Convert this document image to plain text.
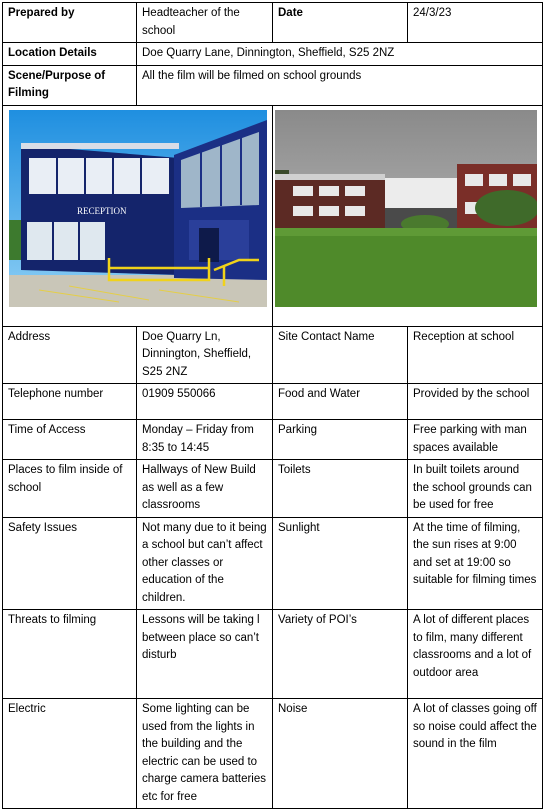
Prepared by	Headteacher of the school	Date	24/3/23
Location Details	Doe Quarry Lane, Dinnington, Sheffield, S25 2NZ		
Scene/Purpose of Filming	All the film will be filmed on school grounds		

RECEPTION

Address	Doe Quarry Ln, Dinnington, Sheffield, S25 2NZ	Site Contact Name	Reception at school
Telephone number	01909 550066	Food and Water	Provided by the school
Time of Access	Monday – Friday from 8:35 to 14:45	Parking	Free parking with man spaces available
Places to film inside of school	Hallways of New Build as well as a few classrooms	Toilets	In built toilets around the school grounds can be used for free
Safety Issues	Not many due to it being a school but can’t affect other classes or education of the children.	Sunlight	At the time of filming, the sun rises at 9:00 and set at 19:00 so suitable for filming times
Threats to filming	Lessons will be taking l between place so can’t disturb	Variety of POI’s	A lot of different places to film, many different classrooms and a lot of outdoor area
Electric	Some lighting can be used from the lights in the building and the electric can be used to charge camera batteries etc for free	Noise	A lot of classes going off so noise could affect the sound in the film
